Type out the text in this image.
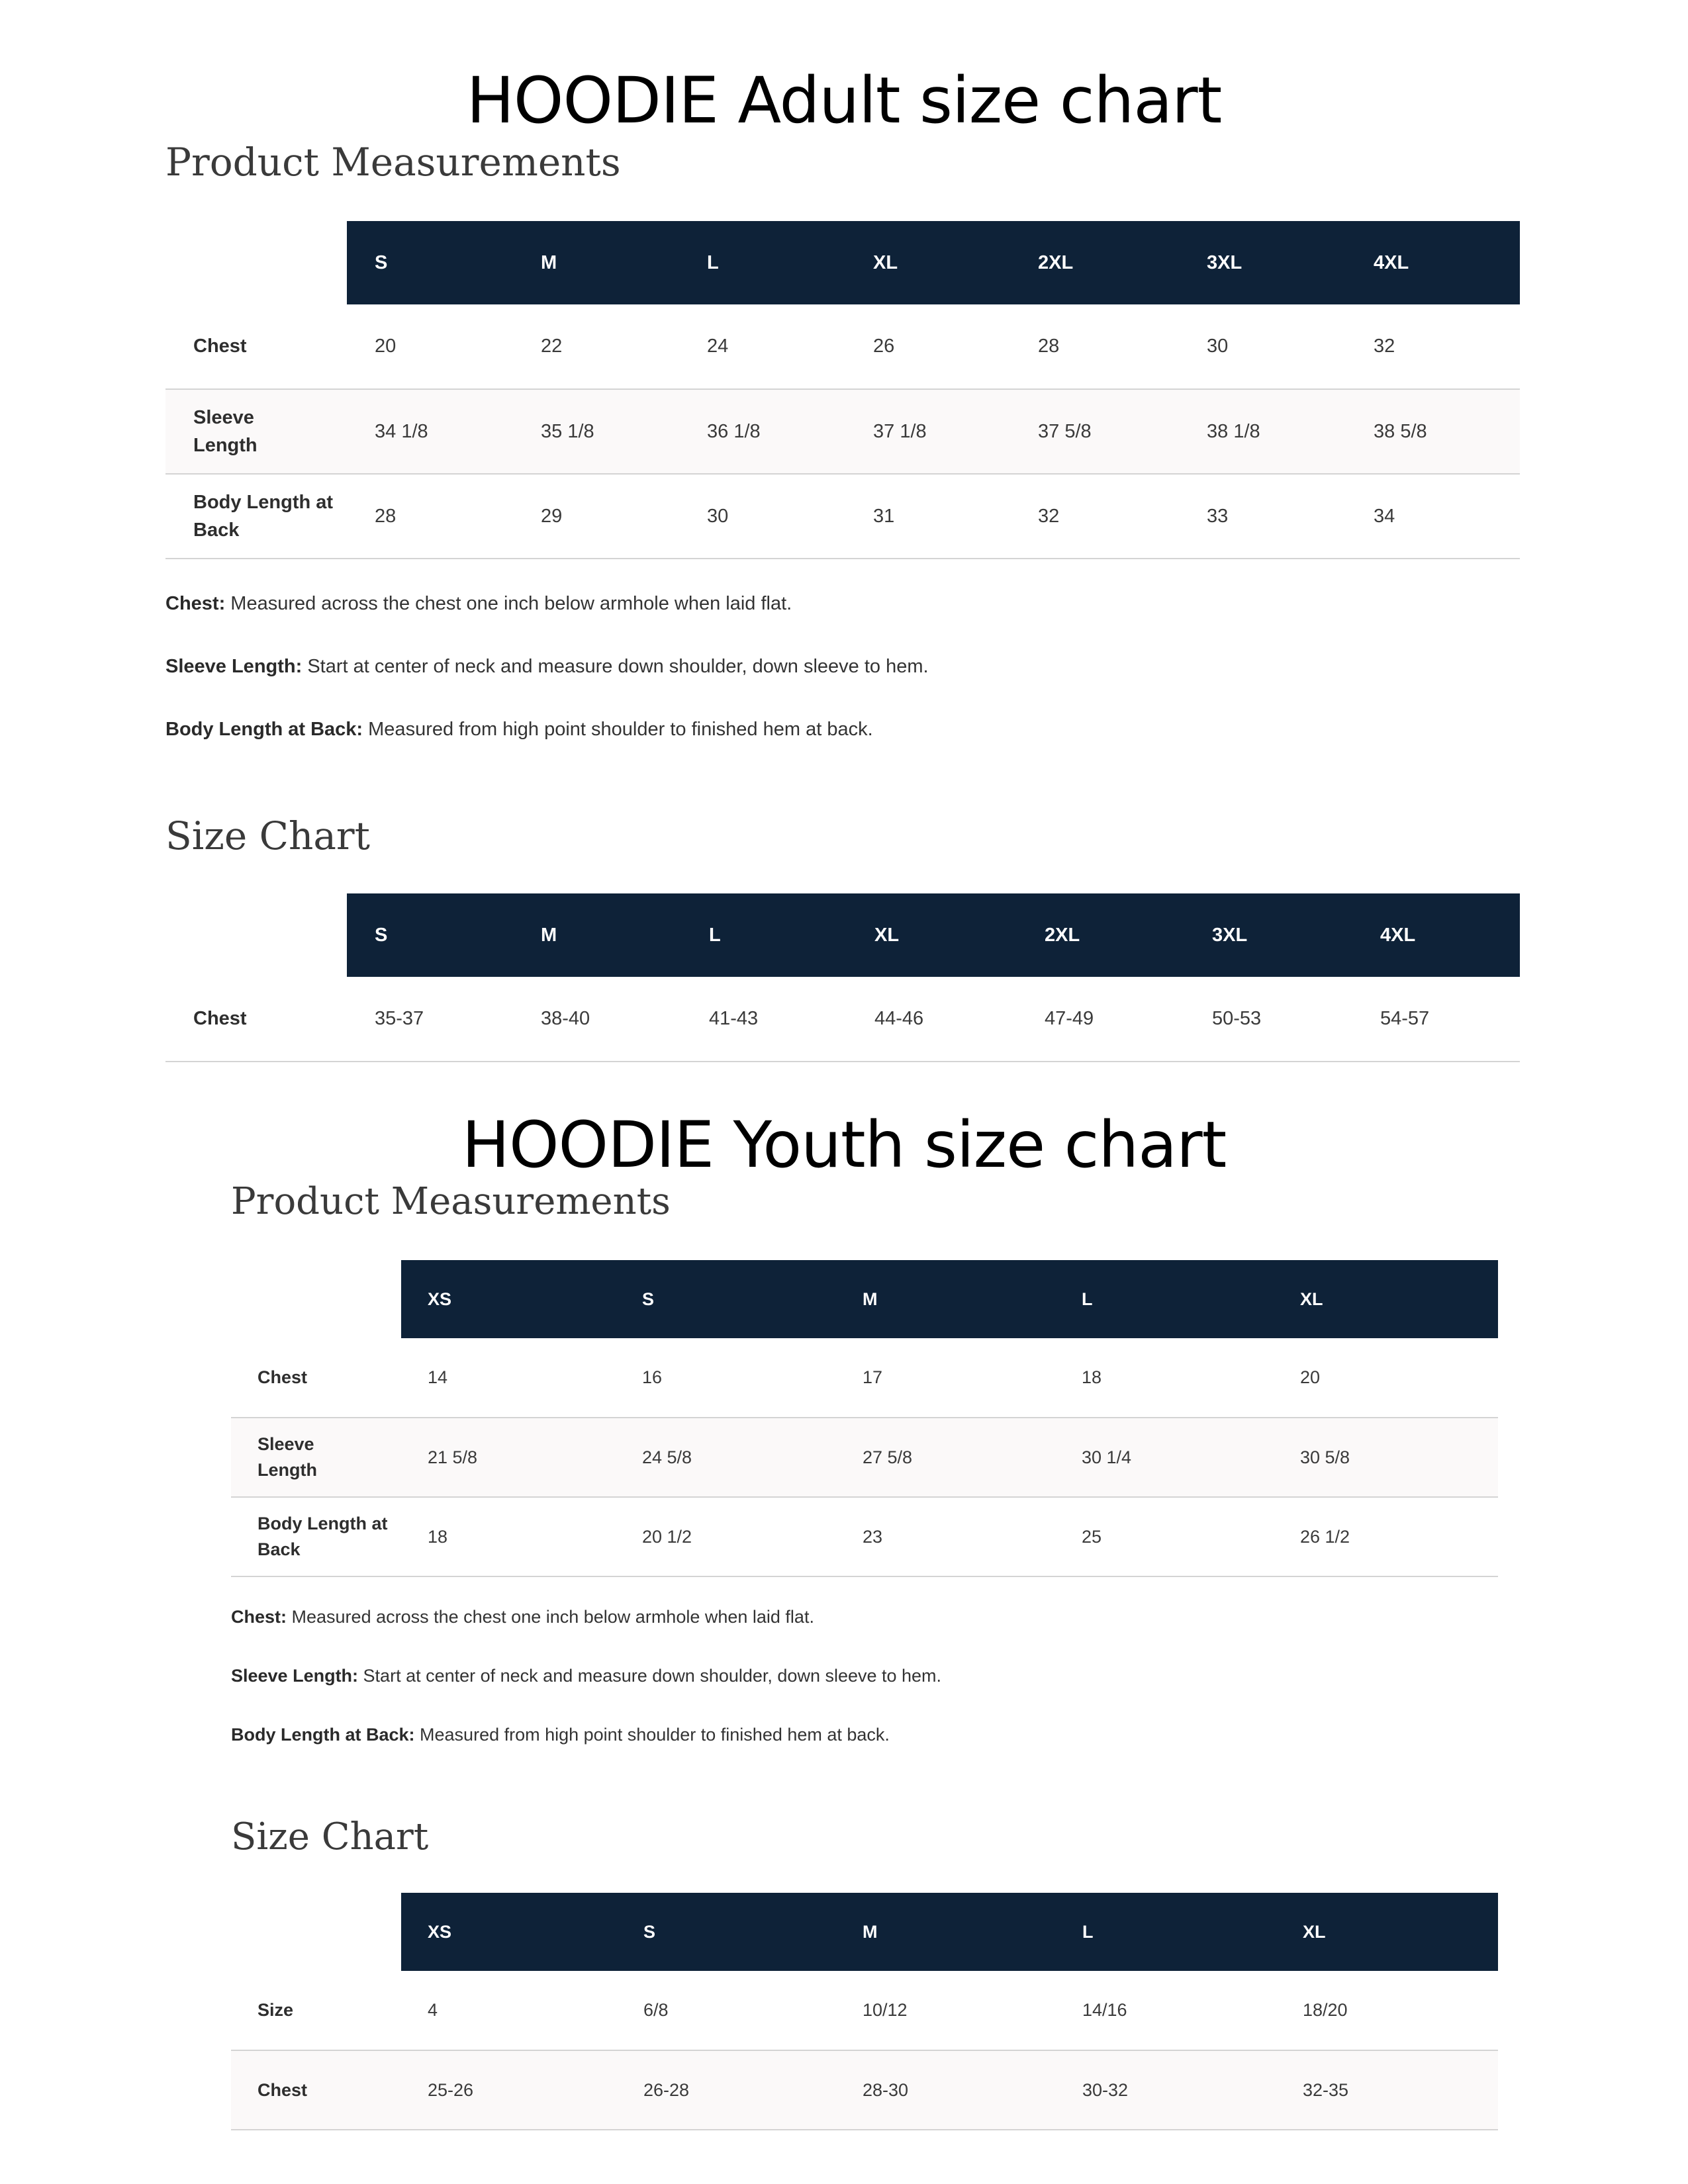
HOODIE Adult size chart
Product Measurements
	S	M	L	XL	2XL	3XL	4XL
Chest	20	22	24	26	28	30	32
Sleeve Length	34 1/8	35 1/8	36 1/8	37 1/8	37 5/8	38 1/8	38 5/8
Body Length at Back	28	29	30	31	32	33	34

Chest: Measured across the chest one inch below armhole when laid flat.

Sleeve Length: Start at center of neck and measure down shoulder, down sleeve to hem.

Body Length at Back: Measured from high point shoulder to finished hem at back.

Size Chart
	S	M	L	XL	2XL	3XL	4XL
Chest	35-37	38-40	41-43	44-46	47-49	50-53	54-57
HOODIE Youth size chart
Product Measurements
	XS	S	M	L	XL
Chest	14	16	17	18	20
Sleeve Length	21 5/8	24 5/8	27 5/8	30 1/4	30 5/8
Body Length at Back	18	20 1/2	23	25	26 1/2

Chest: Measured across the chest one inch below armhole when laid flat.

Sleeve Length: Start at center of neck and measure down shoulder, down sleeve to hem.

Body Length at Back: Measured from high point shoulder to finished hem at back.

Size Chart
	XS	S	M	L	XL
Size	4	6/8	10/12	14/16	18/20
Chest	25-26	26-28	28-30	30-32	32-35
